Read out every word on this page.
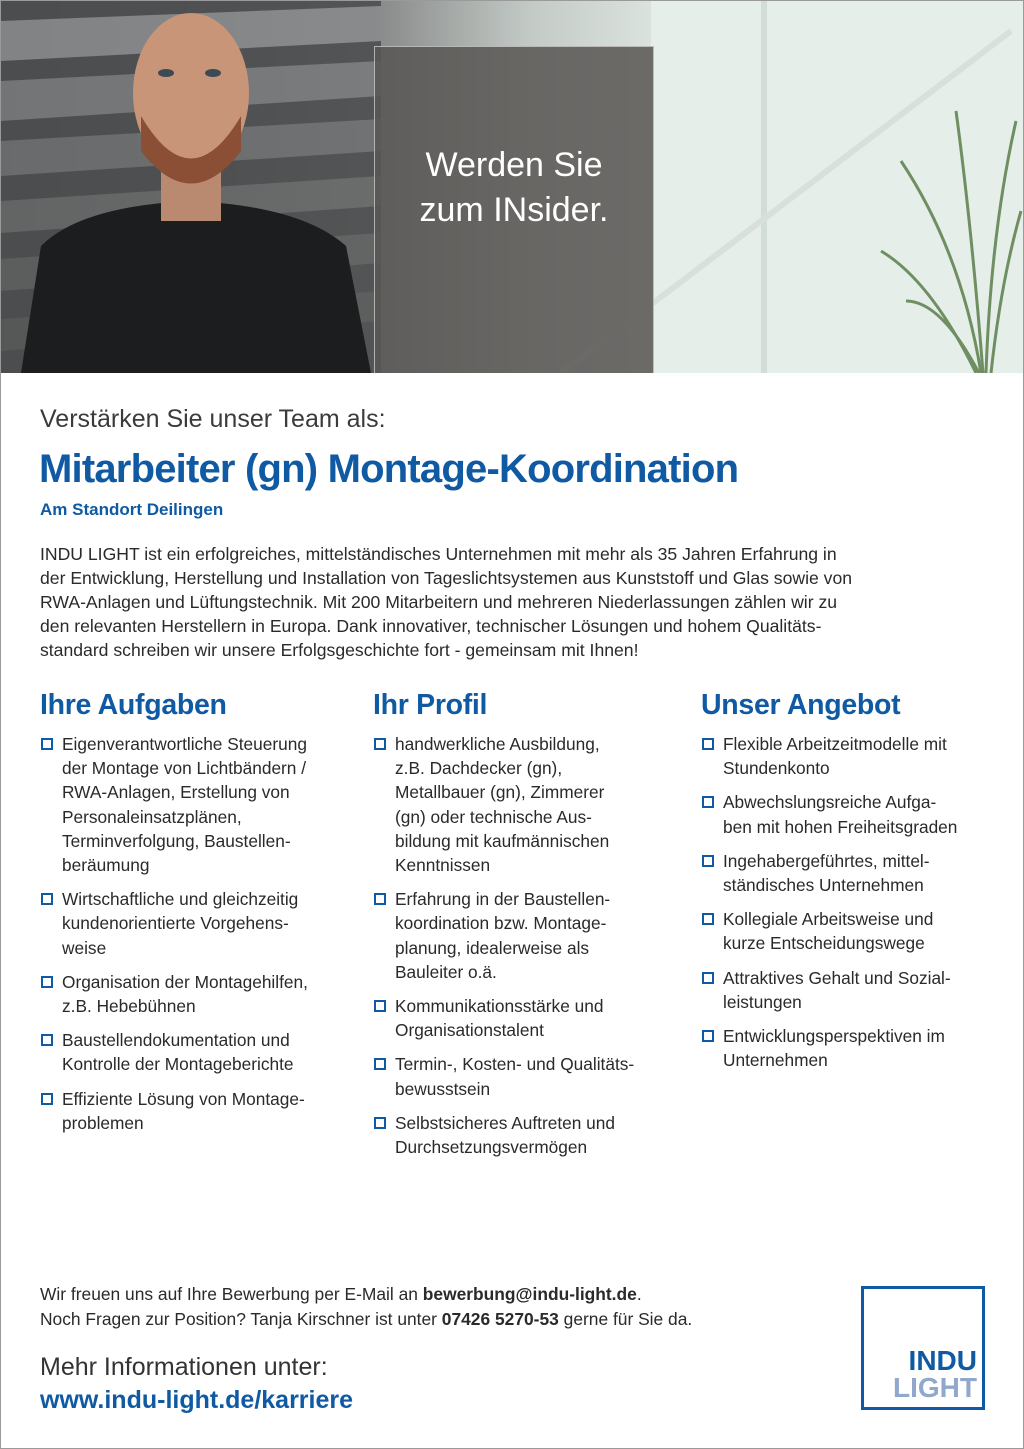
Werden Sie
zum INsider.
Verstärken Sie unser Team als:
Mitarbeiter (gn) Montage-Koordination
Am Standort Deilingen
INDU LIGHT ist ein erfolgreiches, mittelständisches Unternehmen mit mehr als 35 Jahren Erfahrung in
der Entwicklung, Herstellung und Installation von Tageslichtsystemen aus Kunststoff und Glas sowie von
RWA-Anlagen und Lüftungstechnik. Mit 200 Mitarbeitern und mehreren Niederlassungen zählen wir zu
den relevanten Herstellern in Europa. Dank innovativer, technischer Lösungen und hohem Qualitäts-
standard schreiben wir unsere Erfolgsgeschichte fort - gemeinsam mit Ihnen!
Ihre Aufgaben
Eigenverantwortliche Steuerung
der Montage von Lichtbändern /
RWA-Anlagen, Erstellung von
Personaleinsatzplänen,
Terminverfolgung, Baustellen-
beräumung
Wirtschaftliche und gleichzeitig
kundenorientierte Vorgehens-
weise
Organisation der Montagehilfen,
z.B. Hebebühnen
Baustellendokumentation und
Kontrolle der Montageberichte
Effiziente Lösung von Montage-
problemen
Ihr Profil
handwerkliche Ausbildung,
z.B. Dachdecker (gn),
Metallbauer (gn), Zimmerer
(gn) oder technische Aus-
bildung mit kaufmännischen
Kenntnissen
Erfahrung in der Baustellen-
koordination bzw. Montage-
planung, idealerweise als
Bauleiter o.ä.
Kommunikationsstärke und
Organisationstalent
Termin-, Kosten- und Qualitäts-
bewusstsein
Selbstsicheres Auftreten und
Durchsetzungsvermögen
Unser Angebot
Flexible Arbeitzeitmodelle mit
Stundenkonto
Abwechslungsreiche Aufga-
ben mit hohen Freiheitsgraden
Ingehabergeführtes, mittel-
ständisches Unternehmen
Kollegiale Arbeitsweise und
kurze Entscheidungswege
Attraktives Gehalt und Sozial-
leistungen
Entwicklungsperspektiven im
Unternehmen
Wir freuen uns auf Ihre Bewerbung per E-Mail an bewerbung@indu-light.de.
Noch Fragen zur Position? Tanja Kirschner ist unter 07426 5270-53 gerne für Sie da.
Mehr Informationen unter:
www.indu-light.de/karriere
INDU
LIGHT
